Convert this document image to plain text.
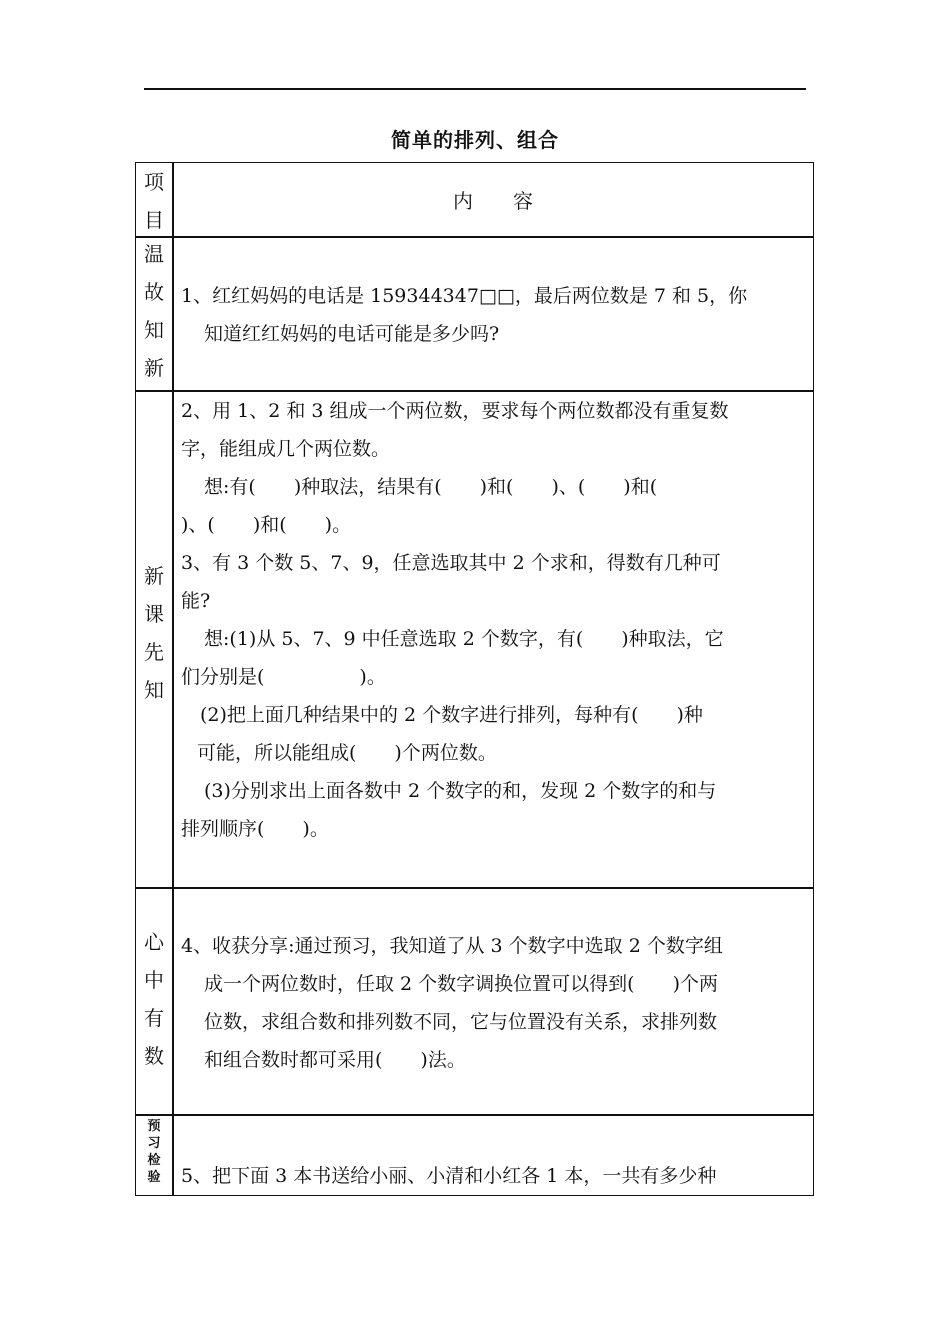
简单的排列、组合
项
目
内　　容
温
故
知
新
1、红红妈妈的电话是 159344347□□，最后两位数是 7 和 5，你
知道红红妈妈的电话可能是多少吗?
新
课
先
知
2、用 1、2 和 3 组成一个两位数，要求每个两位数都没有重复数
字，能组成几个两位数。
想:有(　　)种取法，结果有(　　)和(　　)、(　　)和(
)、(　　)和(　　)。
3、有 3 个数 5、7、9，任意选取其中 2 个求和，得数有几种可
能?
想:(1)从 5、7、9 中任意选取 2 个数字，有(　　)种取法，它
们分别是(　　　　　)。
(2)把上面几种结果中的 2 个数字进行排列，每种有(　　)种
可能，所以能组成(　　)个两位数。
(3)分别求出上面各数中 2 个数字的和，发现 2 个数字的和与
排列顺序(　　)。
心
中
有
数
4、收获分享:通过预习，我知道了从 3 个数字中选取 2 个数字组
成一个两位数时，任取 2 个数字调换位置可以得到(　　)个两
位数，求组合数和排列数不同，它与位置没有关系，求排列数
和组合数时都可采用(　　)法。
预
习
检
验	5、把下面 3 本书送给小丽、小清和小红各 1 本，一共有多少种
